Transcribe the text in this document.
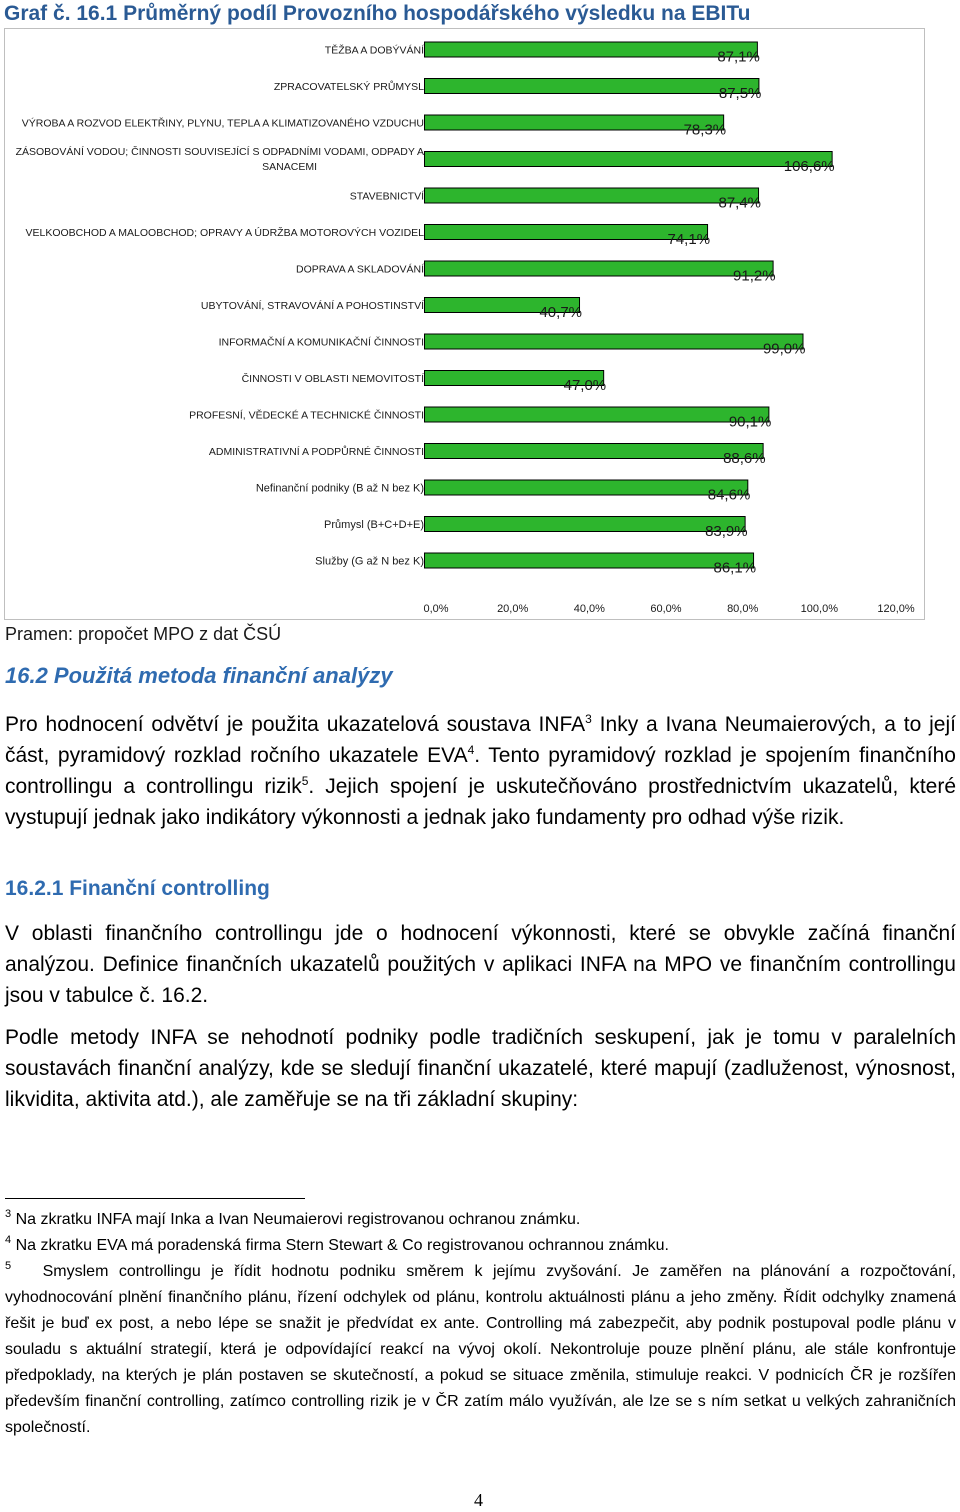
Graf č. 16.1 Průměrný podíl Provozního hospodářského výsledku na EBITu
TĚŽBA A DOBÝVÁNÍ	87,1%
ZPRACOVATELSKÝ PRŮMYSL	87,5%
VÝROBA A ROZVOD ELEKTŘINY, PLYNU, TEPLA A KLIMATIZOVANÉHO VZDUCHU	78,3%
ZÁSOBOVÁNÍ VODOU; ČINNOSTI SOUVISEJÍCÍ S ODPADNÍMI VODAMI, ODPADY A SANACEMI	106,6%
STAVEBNICTVÍ	87,4%
VELKOOBCHOD A MALOOBCHOD; OPRAVY A ÚDRŽBA MOTOROVÝCH VOZIDEL	74,1%
DOPRAVA A SKLADOVÁNÍ	91,2%
UBYTOVÁNÍ, STRAVOVÁNÍ A POHOSTINSTVÍ	40,7%
INFORMAČNÍ A KOMUNIKAČNÍ ČINNOSTI	99,0%
ČINNOSTI V OBLASTI NEMOVITOSTÍ	47,0%
PROFESNÍ, VĚDECKÉ A TECHNICKÉ ČINNOSTI	90,1%
ADMINISTRATIVNÍ A PODPŮRNÉ ČINNOSTI	88,6%
Nefinanční podniky (B až N bez K)	84,6%
Průmysl (B+C+D+E)	83,9%
Služby (G až N bez K)	86,1%
0,0%	20,0%	40,0%	60,0%	80,0%	100,0%	120,0%
Pramen: propočet MPO z dat ČSÚ
16.2 Použitá metoda finanční analýzy

Pro hodnocení odvětví je použita ukazatelová soustava INFA$^3$ Inky a Ivana Neumaierových, a to její část, pyramidový rozklad ročního ukazatele EVA$^4$. Tento pyramidový rozklad je spojením finančního controllingu a controllingu rizik$^5$. Jejich spojení je uskutečňováno prostřednictvím ukazatelů, které vystupují jednak jako indikátory výkonnosti a jednak jako fundamenty pro odhad výše rizik.

16.2.1 Finanční controlling

V oblasti finančního controllingu jde o hodnocení výkonnosti, které se obvykle začíná finanční analýzou. Definice finančních ukazatelů použitých v aplikaci INFA na MPO ve finančním controllingu jsou v tabulce č. 16.2.

Podle metody INFA se nehodnotí podniky podle tradičních seskupení, jak je tomu v paralelních soustavách finanční analýzy, kde se sledují finanční ukazatelé, které mapují (zadluženost, výnosnost, likvidita, aktivita atd.), ale zaměřuje se na tři základní skupiny:

$^3$ Na zkratku INFA mají Inka a Ivan Neumaierovi registrovanou ochranou známku.
$^4$ Na zkratku EVA má poradenská firma Stern Stewart & Co registrovanou ochrannou známku.
$^5$ Smyslem controllingu je řídit hodnotu podniku směrem k jejímu zvyšování. Je zaměřen na plánování a rozpočtování, vyhodnocování plnění finančního plánu, řízení odchylek od plánu, kontrolu aktuálnosti plánu a jeho změny. Řídit odchylky znamená řešit je buď ex post, a nebo lépe se snažit je předvídat ex ante. Controlling má zabezpečit, aby podnik postupoval podle plánu v souladu s aktuální strategií, která je odpovídající reakcí na vývoj okolí. Nekontroluje pouze plnění plánu, ale stále konfrontuje předpoklady, na kterých je plán postaven se skutečností, a pokud se situace změnila, stimuluje reakci. V podnicích ČR je rozšířen především finanční controlling, zatímco controlling rizik je v ČR zatím málo využíván, ale lze se s ním setkat u velkých zahraničních společností.
4
